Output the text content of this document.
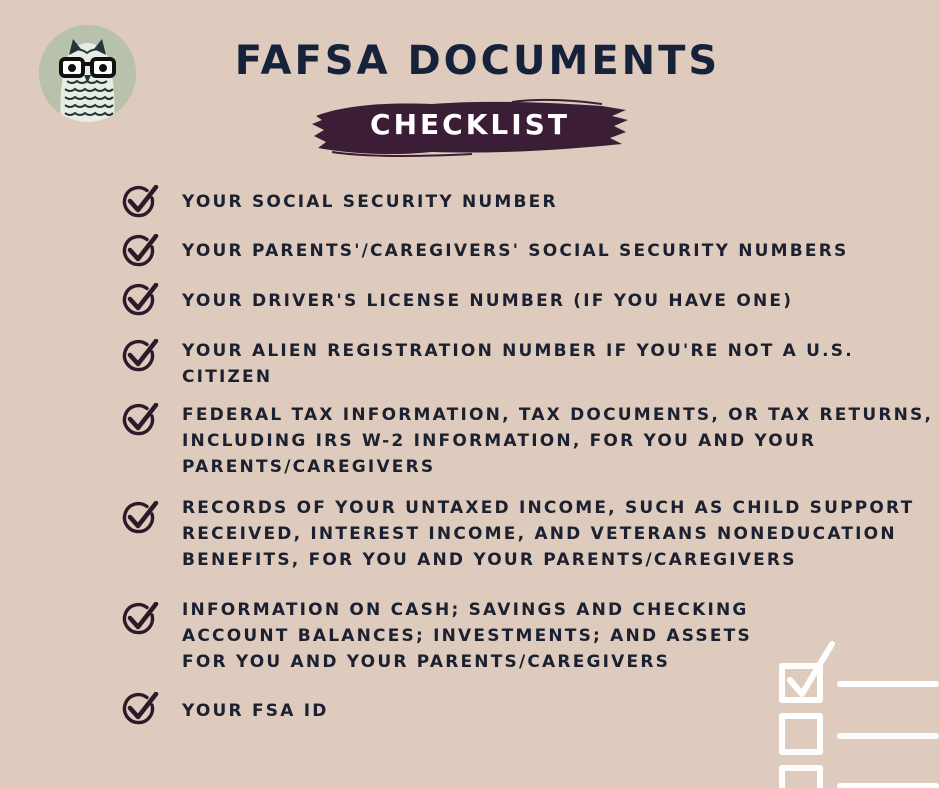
FAFSA DOCUMENTS
CHECKLIST
YOUR SOCIAL SECURITY NUMBER
YOUR PARENTS'/CAREGIVERS' SOCIAL SECURITY NUMBERS
YOUR DRIVER'S LICENSE NUMBER (IF YOU HAVE ONE)
YOUR ALIEN REGISTRATION NUMBER IF YOU'RE NOT A U.S.
CITIZEN
FEDERAL TAX INFORMATION, TAX DOCUMENTS, OR TAX RETURNS,
INCLUDING IRS W-2 INFORMATION, FOR YOU AND YOUR
PARENTS/CAREGIVERS
RECORDS OF YOUR UNTAXED INCOME, SUCH AS CHILD SUPPORT
RECEIVED, INTEREST INCOME, AND VETERANS NONEDUCATION
BENEFITS, FOR YOU AND YOUR PARENTS/CAREGIVERS
INFORMATION ON CASH; SAVINGS AND CHECKING
ACCOUNT BALANCES; INVESTMENTS; AND ASSETS
FOR YOU AND YOUR PARENTS/CAREGIVERS
YOUR FSA ID
